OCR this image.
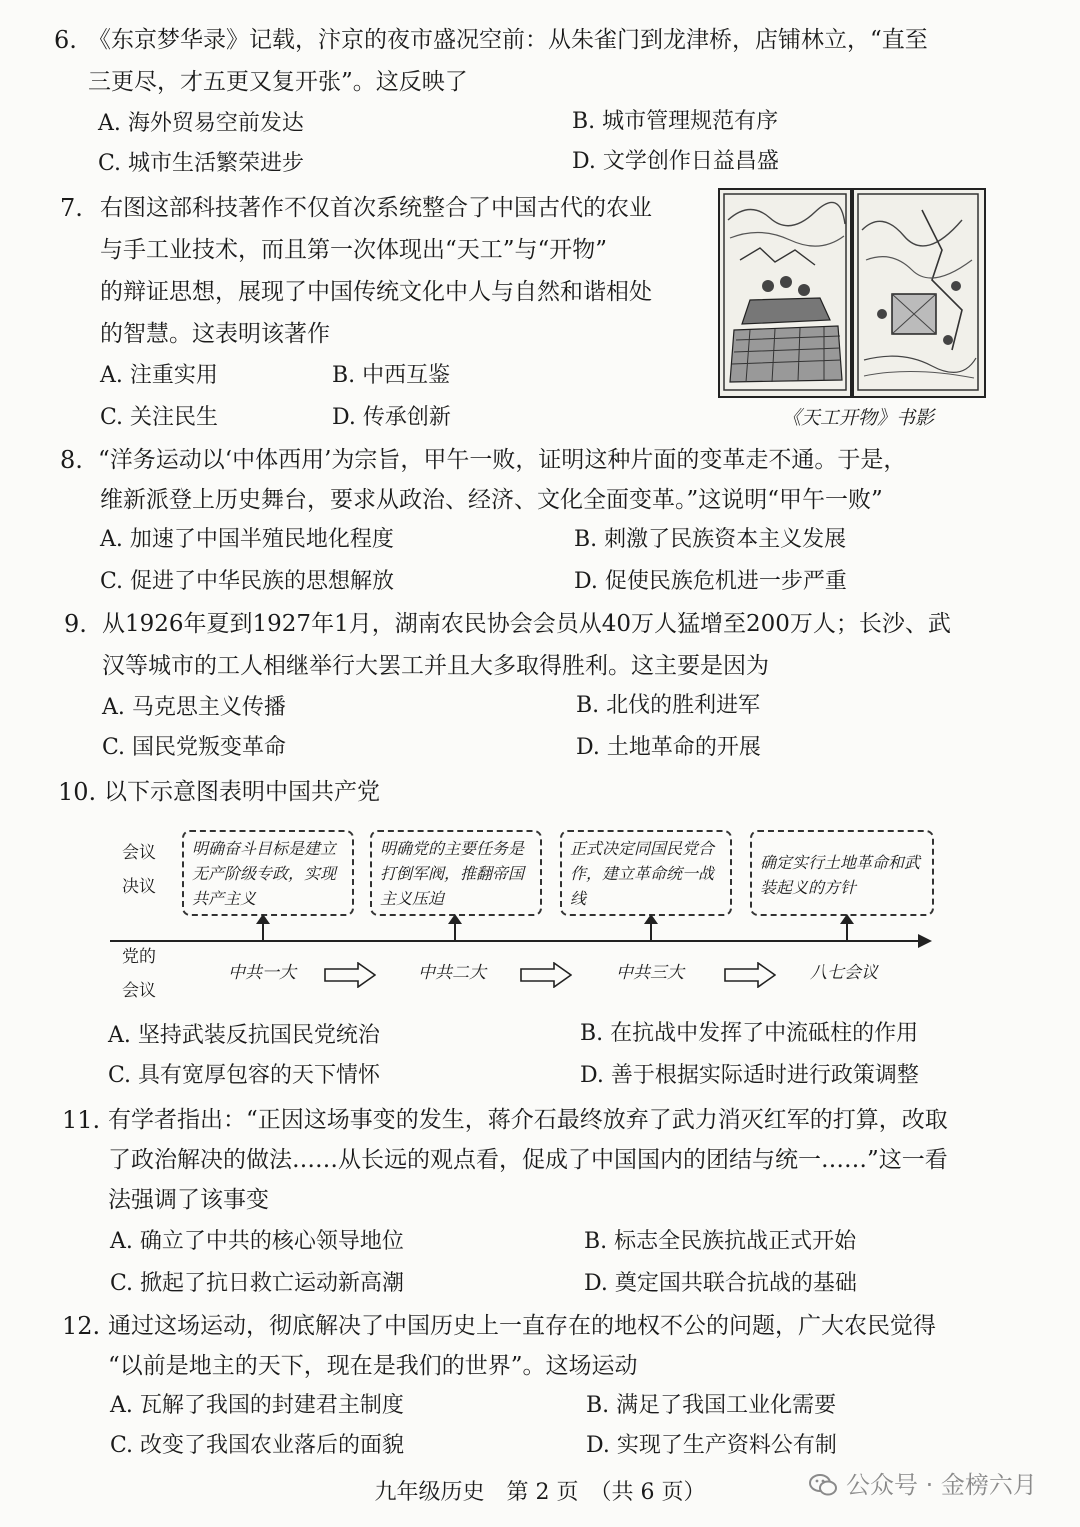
6. 《东京梦华录》记载，汴京的夜市盛况空前：从朱雀门到龙津桥，店铺林立，“直至
三更尽，才五更又复开张”。这反映了
A. 海外贸易空前发达	B. 城市管理规范有序
C. 城市生活繁荣进步	D. 文学创作日益昌盛
7. 右图这部科技著作不仅首次系统整合了中国古代的农业
与手工业技术，而且第一次体现出“天工”与“开物”
的辩证思想，展现了中国传统文化中人与自然和谐相处
的智慧。这表明该著作
A. 注重实用	B. 中西互鉴
C. 关注民生	D. 传承创新	《天工开物》书影
8. “洋务运动以‘中体西用’为宗旨，甲午一败，证明这种片面的变革走不通。于是，
维新派登上历史舞台，要求从政治、经济、文化全面变革。”这说明“甲午一败”
A. 加速了中国半殖民地化程度	B. 刺激了民族资本主义发展
C. 促进了中华民族的思想解放	D. 促使民族危机进一步严重
9. 从1926年夏到1927年1月，湖南农民协会会员从40万人猛增至200万人；长沙、武
汉等城市的工人相继举行大罢工并且大多取得胜利。这主要是因为
A. 马克思主义传播	B. 北伐的胜利进军
C. 国民党叛变革命	D. 土地革命的开展
10. 以下示意图表明中国共产党
会议
决议
明确奋斗目标是建立无产阶级专政，实现共产主义
明确党的主要任务是打倒军阀，推翻帝国主义压迫
正式决定同国民党合作，建立革命统一战线
确定实行土地革命和武装起义的方针
党的
会议
中共一大	中共二大	中共三大	八七会议
A. 坚持武装反抗国民党统治	B. 在抗战中发挥了中流砥柱的作用
C. 具有宽厚包容的天下情怀	D. 善于根据实际适时进行政策调整
11. 有学者指出：“正因这场事变的发生，蒋介石最终放弃了武力消灭红军的打算，改取
了政治解决的做法……从长远的观点看，促成了中国国内的团结与统一……”这一看
法强调了该事变
A. 确立了中共的核心领导地位	B. 标志全民族抗战正式开始
C. 掀起了抗日救亡运动新高潮	D. 奠定国共联合抗战的基础
12. 通过这场运动，彻底解决了中国历史上一直存在的地权不公的问题，广大农民觉得
“以前是地主的天下，现在是我们的世界”。这场运动
A. 瓦解了我国的封建君主制度	B. 满足了我国工业化需要
C. 改变了我国农业落后的面貌	D. 实现了生产资料公有制
九年级历史　第 2 页　（共 6 页）	公众号 · 金榜六月
